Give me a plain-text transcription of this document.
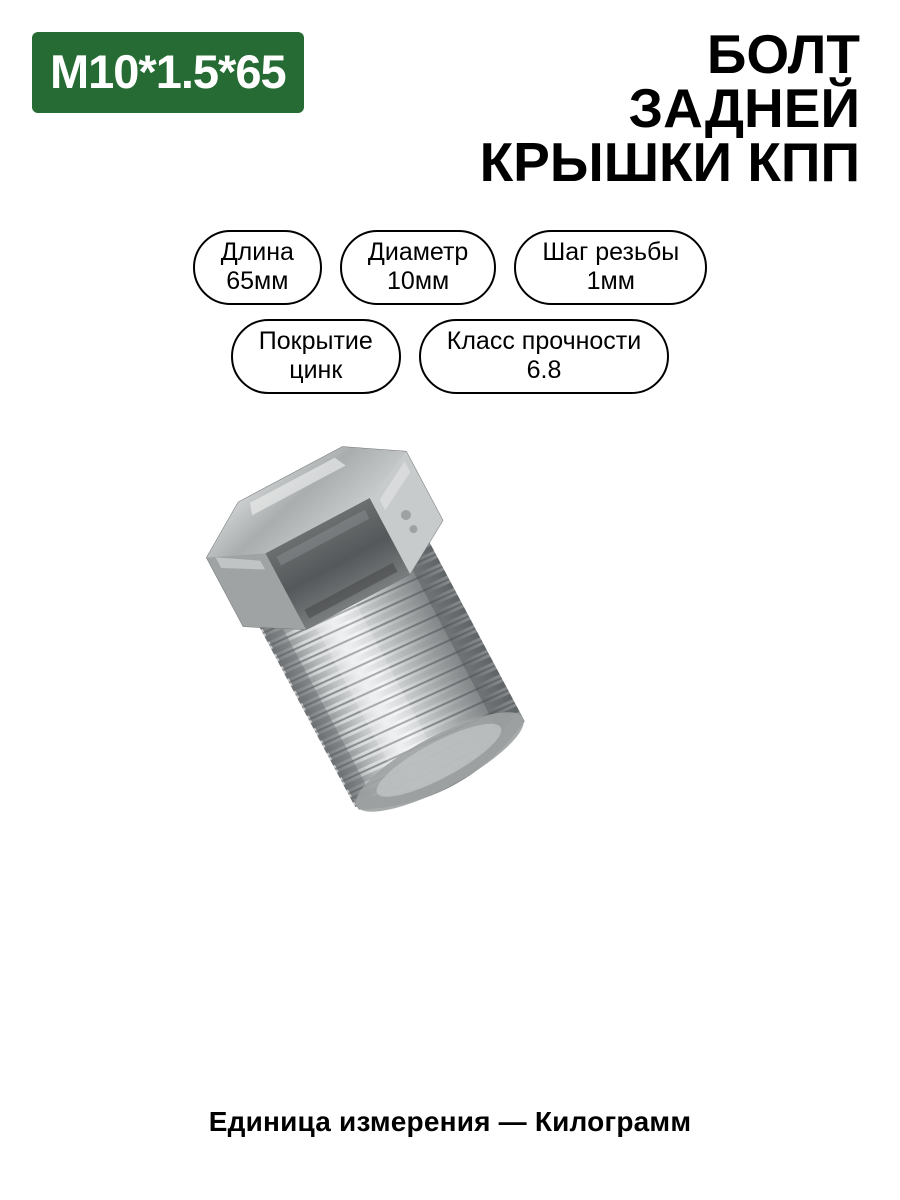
M10*1.5*65	БОЛТ
ЗАДНЕЙ
КРЫШКИ КПП
Длина
65мм
Диаметр
10мм
Шаг резьбы
1мм
Покрытие
цинк
Класс прочности
6.8
Единица измерения — Килограмм
